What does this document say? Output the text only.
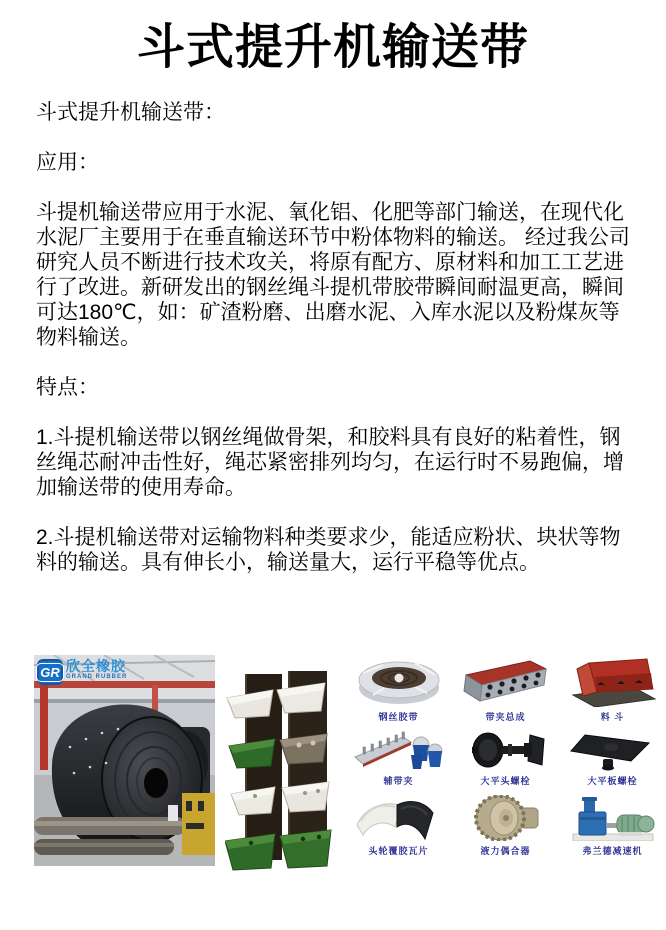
斗式提升机输送带

斗式提升机输送带：

应用：

斗提机输送带应用于水泥、氧化铝、化肥等部门输送，在现代化水泥厂主要用于在垂直输送环节中粉体物料的输送。 经过我公司研究人员不断进行技术攻关，将原有配方、原材料和加工工艺进行了改进。新研发出的钢丝绳斗提机带胶带瞬间耐温更高，瞬间可达180℃，如：矿渣粉磨、出磨水泥、入库水泥以及粉煤灰等物料输送。

特点：

1.斗提机输送带以钢丝绳做骨架，和胶料具有良好的粘着性，钢丝绳芯耐冲击性好，绳芯紧密排列均匀，在运行时不易跑偏，增加输送带的使用寿命。

2.斗提机输送带对运输物料种类要求少，能适应粉状、块状等物料的输送。具有伸长小，输送量大，运行平稳等优点。

GR 欣全橡胶
GRAND RUBBER
钢丝胶带	带夹总成	料 斗
辅带夹	大平头螺栓	大平板螺栓
头轮覆胶瓦片	液力偶合器	弗兰德减速机
